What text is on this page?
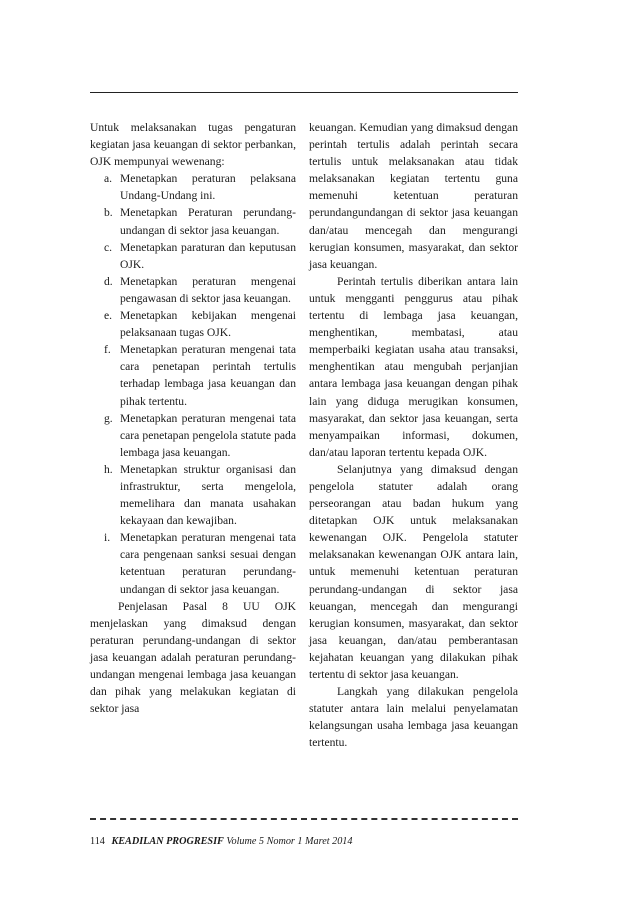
Untuk melaksanakan tugas pengaturan kegiatan jasa keuangan di sektor perbankan, OJK mempunyai wewenang:

a. Menetapkan peraturan pelaksana Undang-Undang ini.
b. Menetapkan Peraturan perundang-undangan di sektor jasa keuangan.
c. Menetapkan paraturan dan keputusan OJK.
d. Menetapkan peraturan mengenai pengawasan di sektor jasa keuangan.
e. Menetapkan kebijakan mengenai pelaksanaan tugas OJK.
f. Menetapkan peraturan mengenai tata cara penetapan perintah tertulis terhadap lembaga jasa keuangan dan pihak tertentu.
g. Menetapkan peraturan mengenai tata cara penetapan pengelola statute pada lembaga jasa keuangan.
h. Menetapkan struktur organisasi dan infrastruktur, serta mengelola, memelihara dan manata usahakan kekayaan dan kewajiban.
i. Menetapkan peraturan mengenai tata cara pengenaan sanksi sesuai dengan ketentuan peraturan perundang-undangan di sektor jasa keuangan.

Penjelasan Pasal 8 UU OJK menjelaskan yang dimaksud dengan peraturan perundang-undangan di sektor jasa keuangan adalah peraturan perundang-undangan mengenai lembaga jasa keuangan dan pihak yang melakukan kegiatan di sektor jasa

keuangan. Kemudian yang dimaksud dengan perintah tertulis adalah perintah secara tertulis untuk melaksanakan atau tidak melaksanakan kegiatan tertentu guna memenuhi ketentuan peraturan perundangundangan di sektor jasa keuangan dan/atau mencegah dan mengurangi kerugian konsumen, masyarakat, dan sektor jasa keuangan.

Perintah tertulis diberikan antara lain untuk mengganti penggurus atau pihak tertentu di lembaga jasa keuangan, menghentikan, membatasi, atau memperbaiki kegiatan usaha atau transaksi, menghentikan atau mengubah perjanjian antara lembaga jasa keuangan dengan pihak lain yang diduga merugikan konsumen, masyarakat, dan sektor jasa keuangan, serta menyampaikan informasi, dokumen, dan/atau laporan tertentu kepada OJK.

Selanjutnya yang dimaksud dengan pengelola statuter adalah orang perseorangan atau badan hukum yang ditetapkan OJK untuk melaksanakan kewenangan OJK. Pengelola statuter melaksanakan kewenangan OJK antara lain, untuk memenuhi ketentuan peraturan perundang-undangan di sektor jasa keuangan, mencegah dan mengurangi kerugian konsumen, masyarakat, dan sektor jasa keuangan, dan/atau pemberantasan kejahatan keuangan yang dilakukan pihak tertentu di sektor jasa keuangan.

Langkah yang dilakukan pengelola statuter antara lain melalui penyelamatan kelangsungan usaha lembaga jasa keuangan tertentu.

114 KEADILAN PROGRESIF Volume 5 Nomor 1 Maret 2014
